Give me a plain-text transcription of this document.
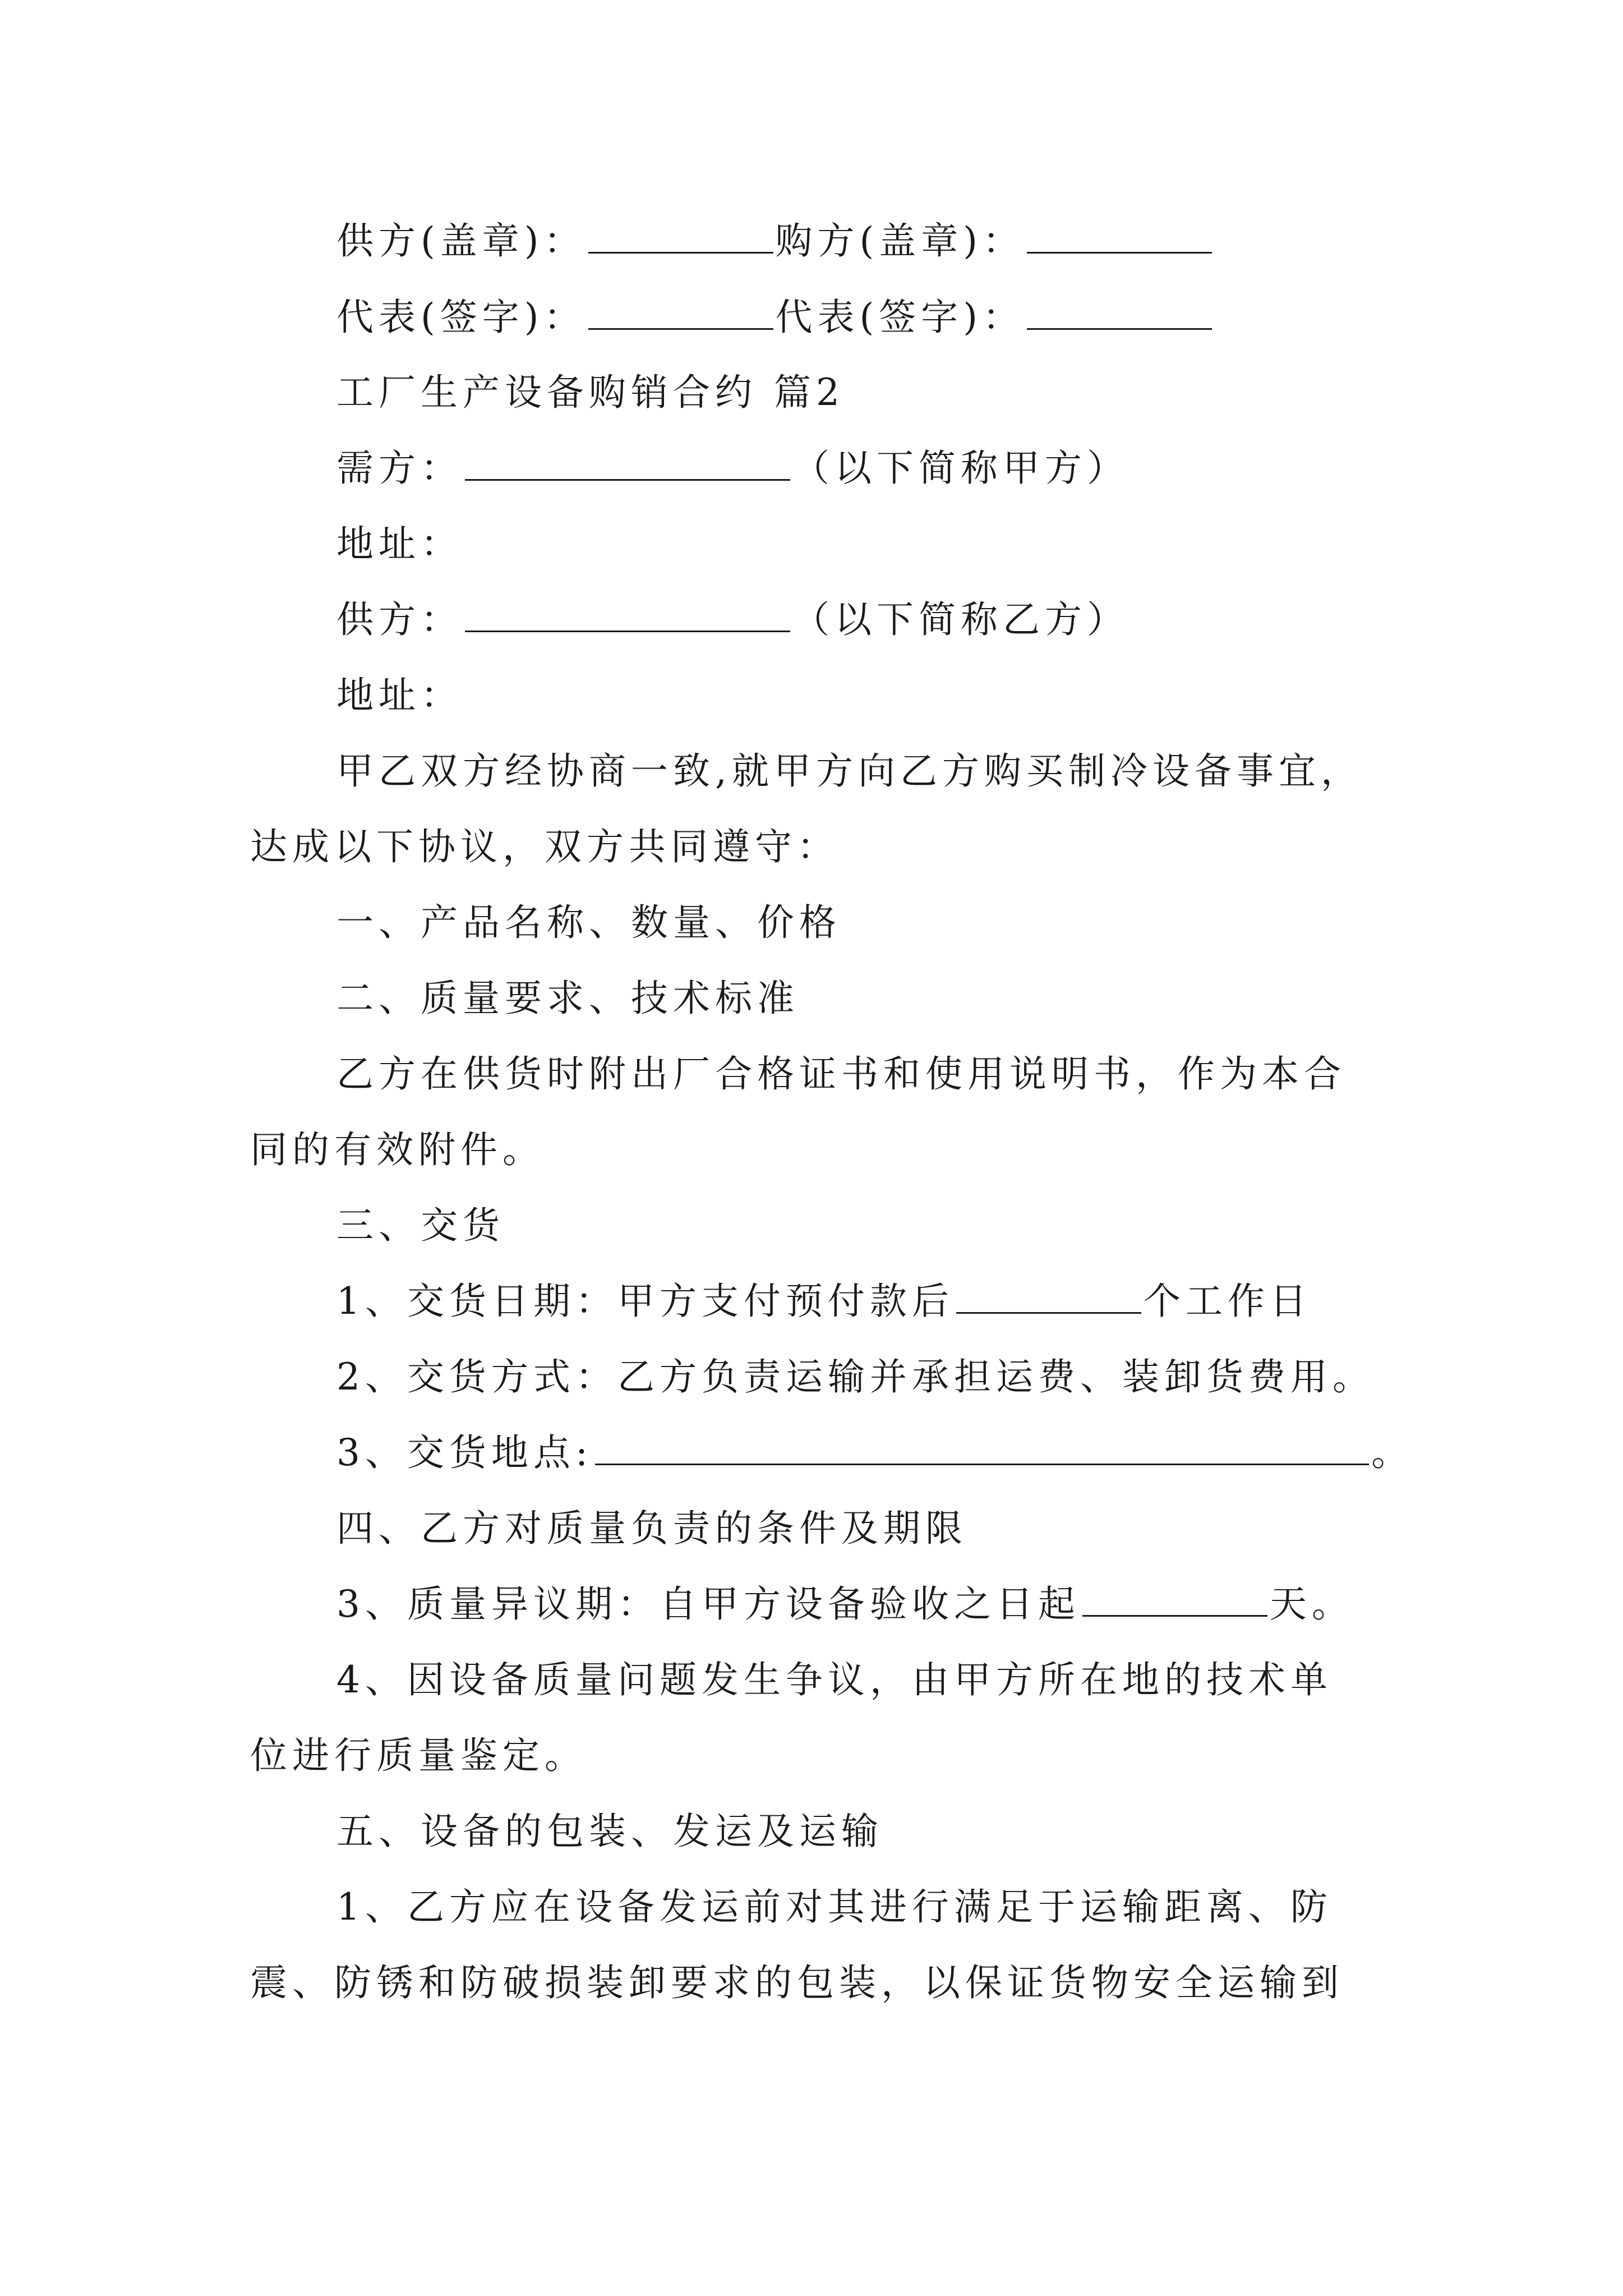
供方(盖章)：	购方(盖章)：
代表(签字)：	代表(签字)：
工厂生产设备购销合约 篇2
需方：	（以下简称甲方）
地址：
供方：	（以下简称乙方）
地址：
甲乙双方经协商一致,就甲方向乙方购买制冷设备事宜，
达成以下协议，双方共同遵守：
一、产品名称、数量、价格
二、质量要求、技术标准
乙方在供货时附出厂合格证书和使用说明书，作为本合
同的有效附件。
三、交货
1、交货日期：甲方支付预付款后	个工作日
2、交货方式：乙方负责运输并承担运费、装卸货费用。
3、交货地点:	。
四、乙方对质量负责的条件及期限
3、质量异议期：自甲方设备验收之日起	天。
4、因设备质量问题发生争议，由甲方所在地的技术单
位进行质量鉴定。
五、设备的包装、发运及运输
1、乙方应在设备发运前对其进行满足于运输距离、防
震、防锈和防破损装卸要求的包装，以保证货物安全运输到
